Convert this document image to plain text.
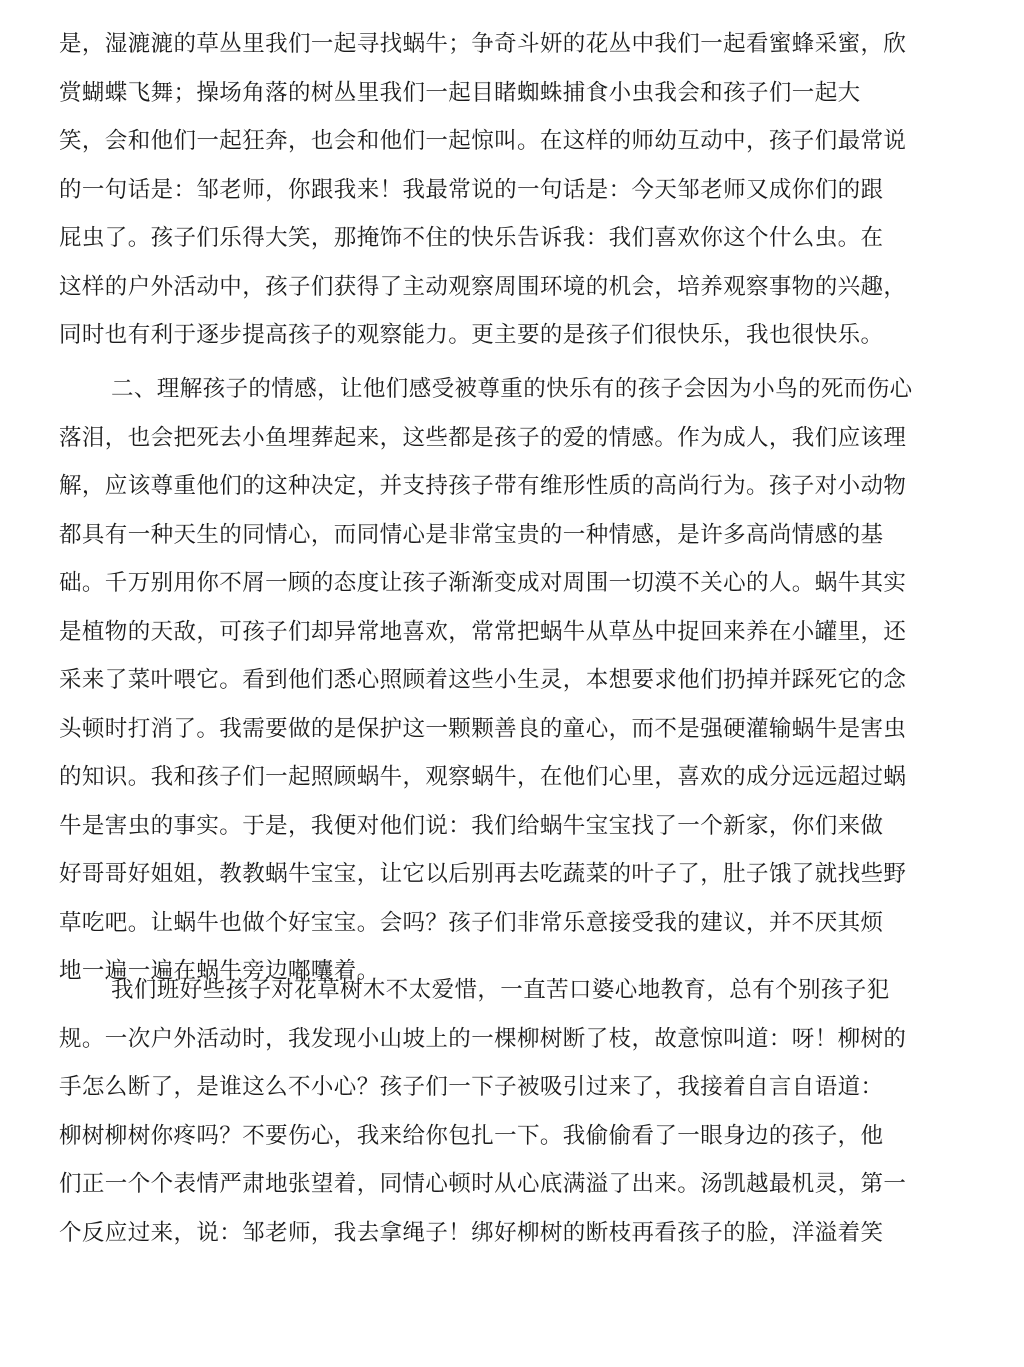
是，湿漉漉的草丛里我们一起寻找蜗牛；争奇斗妍的花丛中我们一起看蜜蜂采蜜，欣
赏蝴蝶飞舞；操场角落的树丛里我们一起目睹蜘蛛捕食小虫我会和孩子们一起大
笑，会和他们一起狂奔，也会和他们一起惊叫。在这样的师幼互动中，孩子们最常说
的一句话是：邹老师，你跟我来！我最常说的一句话是：今天邹老师又成你们的跟
屁虫了。孩子们乐得大笑，那掩饰不住的快乐告诉我：我们喜欢你这个什么虫。在
这样的户外活动中，孩子们获得了主动观察周围环境的机会，培养观察事物的兴趣，
同时也有利于逐步提高孩子的观察能力。更主要的是孩子们很快乐，我也很快乐。
二、理解孩子的情感，让他们感受被尊重的快乐有的孩子会因为小鸟的死而伤心
落泪，也会把死去小鱼埋葬起来，这些都是孩子的爱的情感。作为成人，我们应该理
解，应该尊重他们的这种决定，并支持孩子带有维形性质的高尚行为。孩子对小动物
都具有一种天生的同情心，而同情心是非常宝贵的一种情感，是许多高尚情感的基
础。千万别用你不屑一顾的态度让孩子渐渐变成对周围一切漠不关心的人。蜗牛其实
是植物的天敌，可孩子们却异常地喜欢，常常把蜗牛从草丛中捉回来养在小罐里，还
采来了菜叶喂它。看到他们悉心照顾着这些小生灵，本想要求他们扔掉并踩死它的念
头顿时打消了。我需要做的是保护这一颗颗善良的童心，而不是强硬灌输蜗牛是害虫
的知识。我和孩子们一起照顾蜗牛，观察蜗牛，在他们心里，喜欢的成分远远超过蜗
牛是害虫的事实。于是，我便对他们说：我们给蜗牛宝宝找了一个新家，你们来做
好哥哥好姐姐，教教蜗牛宝宝，让它以后别再去吃蔬菜的叶子了，肚子饿了就找些野
草吃吧。让蜗牛也做个好宝宝。会吗？孩子们非常乐意接受我的建议，并不厌其烦
地一遍一遍在蜗牛旁边嘟囔着。
我们班好些孩子对花草树木不太爱惜，一直苦口婆心地教育，总有个别孩子犯
规。一次户外活动时，我发现小山坡上的一棵柳树断了枝，故意惊叫道：呀！柳树的
手怎么断了，是谁这么不小心？孩子们一下子被吸引过来了，我接着自言自语道：
柳树柳树你疼吗？不要伤心，我来给你包扎一下。我偷偷看了一眼身边的孩子，他
们正一个个表情严肃地张望着，同情心顿时从心底满溢了出来。汤凯越最机灵，第一
个反应过来，说：邹老师，我去拿绳子！绑好柳树的断枝再看孩子的脸，洋溢着笑
